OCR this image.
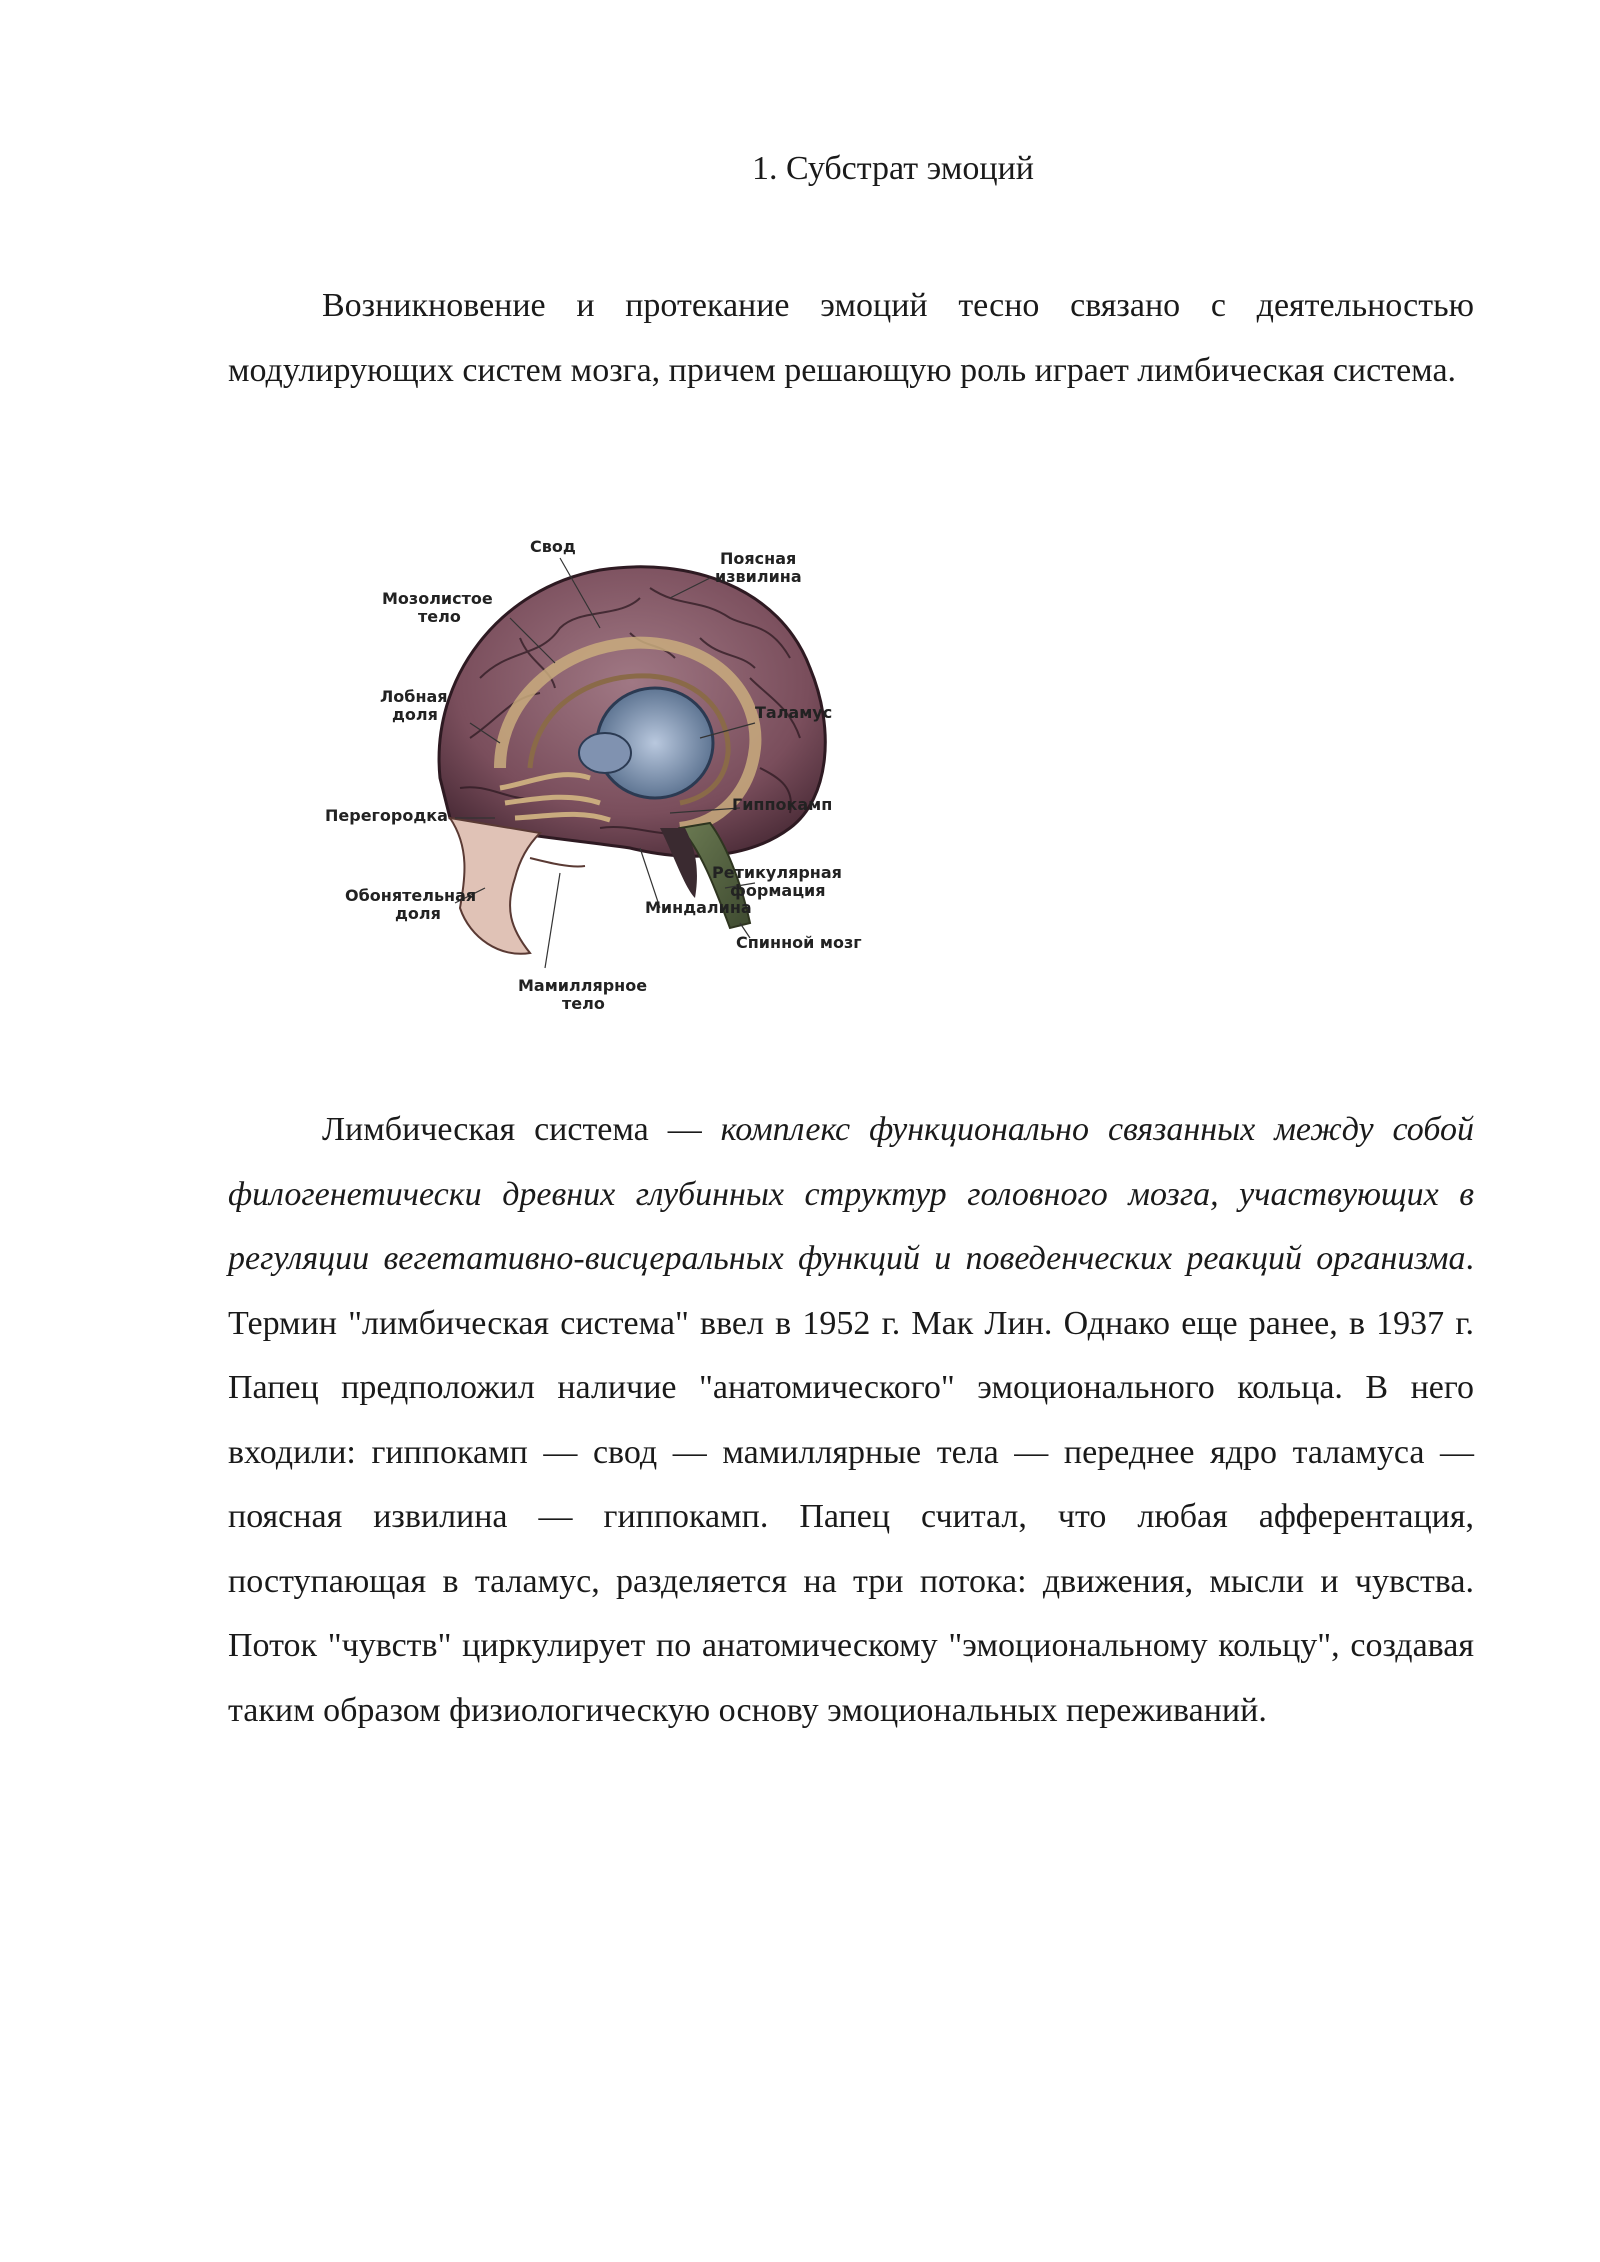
1. Субстрат эмоций

Возникновение и протекание эмоций тесно связано с деятельностью модулирующих систем мозга, причем решающую роль играет лимбическая система.

Свод
Поясная
извилина
Мозолистое
тело
Лобная
доля	Таламус
Гиппокамп
Перегородка
Ретикулярная
формация
Обонятельная
доля	Миндалина
Спинной мозг
Мамиллярное
тело

Лимбическая система — комплекс функционально связанных между собой филогенетически древних глубинных структур головного мозга, участвующих в регуляции вегетативно-висцеральных функций и поведенческих реакций организма. Термин "лимбическая система" ввел в 1952 г. Мак Лин. Однако еще ранее, в 1937 г. Папец предположил наличие "анатомического" эмоционального кольца. В него входили: гиппокамп — свод — мамиллярные тела — переднее ядро таламуса — поясная извилина — гиппокамп. Папец считал, что любая афферентация, поступающая в таламус, разделяется на три потока: движения, мысли и чувства. Поток "чувств" циркулирует по анатомическому "эмоциональному кольцу", создавая таким образом физиологическую основу эмоциональных переживаний.
